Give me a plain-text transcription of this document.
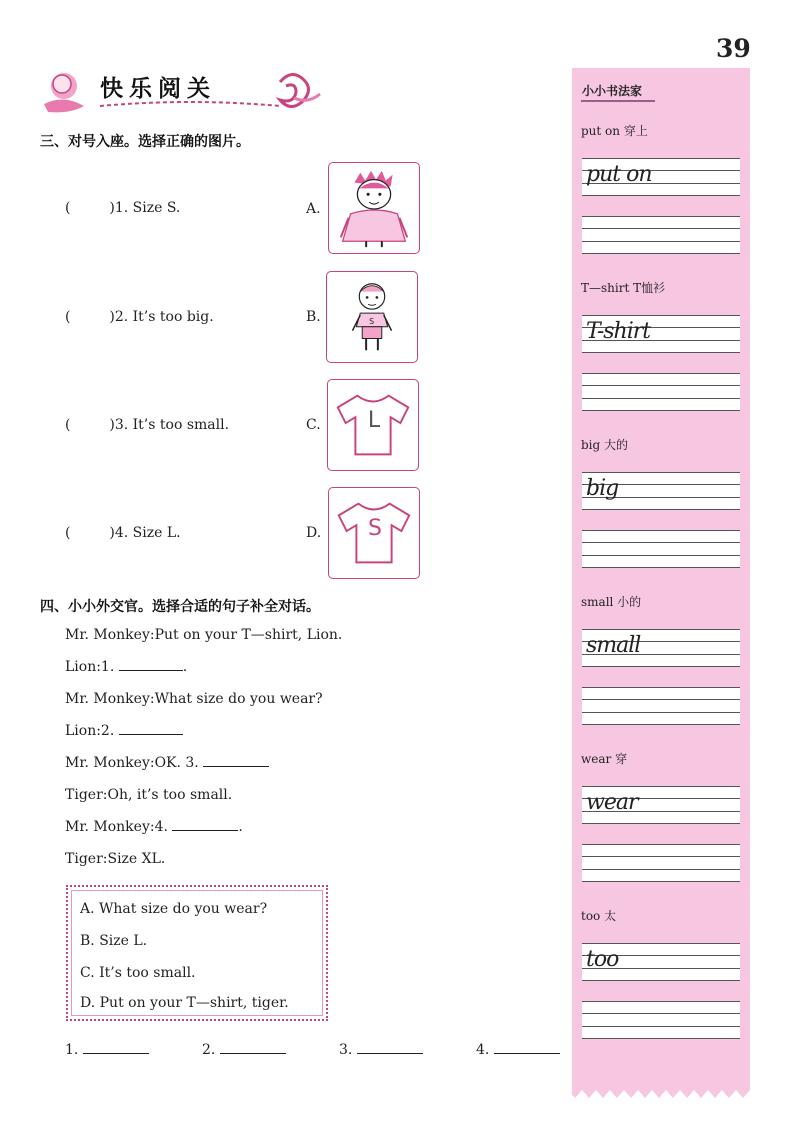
39
快乐阅关
三、对号入座。选择正确的图片。
(	)1. Size S.
(	)2. It’s too big.
(	)3. It’s too small.
(	)4. Size L.
A.
B.
C.
D.
S
L
S
四、小小外交官。选择合适的句子补全对话。
Mr. Monkey:Put on your T—shirt, Lion.
Lion:1.	.
Mr. Monkey:What size do you wear?
Lion:2.
Mr. Monkey:OK. 3.
Tiger:Oh, it’s too small.
Mr. Monkey:4.	.
Tiger:Size XL.
A. What size do you wear?
B. Size L.
C. It’s too small.
D. Put on your T—shirt, tiger.
1.	2.	3.	4.
小小书法家
put on 穿上
put on
T—shirt T恤衫
T-shirt
big 大的
big
small 小的
small
wear 穿
wear
too 太
too
